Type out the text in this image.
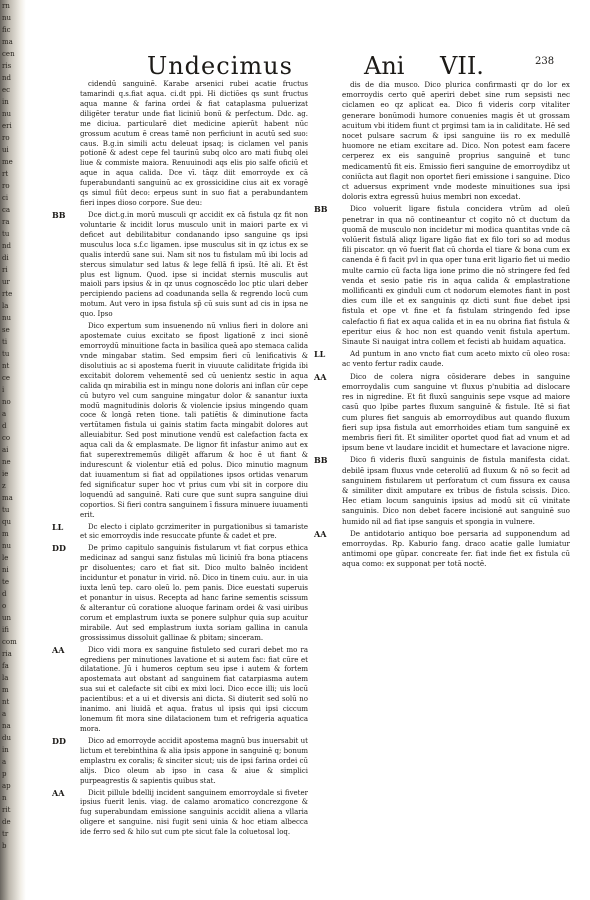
rn
nu
fic
ma
cen
ris
nd
ec
in
nu
eri
ro
ui
me
rt
ro
ci
ca
ra
tu
nd
di
ri
ur
rte
la
nu
se
ti
tu
nt
ce
i
no
a
d
co
ai
ne
ie
z
ma
tu
qu
m
nu
le
ni
te
d
o
un
ifi
com
ria
fa
la
m
nt
a
na
du
in
a
p
ap
n
rit
de
tr
b
Undecimus	Ani VII.	238

cidendū sanguinē. Karabe arsenici rubei acatie fructus tamarindi q.s.fiat aqua. ci.dt ppi. Hi dictiōes qs sunt fructus aqua manne & farina ordei & fiat cataplasma puluerizat diligēter teratur unde fiat liciniū bonū & perfectum. Ddc. ag. me diciua. particularē diet medicine apierūt habent nūc grossum acutum ē creas tamē non perficiunt in acutū sed suo: caus. B.g.in simili actu deleuat ipsaq; is ciclamen vel panis potionē & adest cepe fel taurinū subq olco aro mati fiubq olei liue & commiste maiora. Renuuinodi aqs elis pio salfe oficiū et aque in aqua calida. Dce vī. tāqz diit emorroyde ex cā fuperabundanti sanguinū ac ex grossicidine cius ait ex voragē qs simul fiūt deco: erpeus sunt in suo fiat a perabundantem fieri inpes dioso corpore. Sue deu:

BB	Dce dict.g.in morū musculi qr accidit ex cā fistula qz fit non voluntarie & incidit lorus musculo unit in maiori parte ex vi deficet aut debilitabitur condanando ipso sanguine qs ipsi musculus loca s.f.c ligamen. ipse musculus sit in qz ictus ex se qualis interdū sane sui. Nam sit nos tu fistulam mū ibi locis ad stercus simulatur sed latus & lege fellā fi ipsū. Itē ali. Et ēst plus est lignum. Quod. ipse si incidat sternis musculis aut maioli pars ipsius & in qz unus cognoscēdo loc ptic ulari deber percipiendo paciens ad coadunanda sella & regrendo locū cum motum. Aut vero in ipsa fistula sp̄ cū suis sunt ad cis in ipsa ne quo. Ipso

Dico expertum sum insuenendo nū vnlius fieri in dolore ani apostemate cuius excitato se fipost ligationē z inci sionē emorroydū minuitione facta in basilica queā apo stemaca calida vnde mingabar statim. Sed empsim fieri cū lenificativis & disolutiuis ac si apostema fuerit in viuuute caliditate frigida ibi excitabit dolorem vehementē sed cū uenientz sestic in aqua calida qn mirabilia est in mingu none doloris ani inflan cūr cepe cū butyro vel cum sanguine mingatur dolor & sanantur iuxta modū magnitudinis doloris & violencie ipsius mingendo quam coce & longā reten tione. tali patiētis & diminutione facta vertūtamen fistula ui gainis statim facta mingabit dolores aut alleuiabitur. Sed post minutione vendū est calefaction facta ex aqua cali da & emplasmate. De lignor fit infastur animo aut ex fiat superextrememūs diligēt affarum & hoc ē ut fiant & indurescunt & violentur etiā ed polus. Dico minutio magnum dat iuuamentum si fiat ad oppilationes ipsos ortidas venarum fed significatur super hoc vt prius cum vbi sit in corpore diu loquendū ad sanguinē. Rati cure que sunt supra sanguine diui coportios. Si fieri contra sanguinem ī fissura minuere iuuamenti erit.

LL	Dc electo i ciplato gcrzimeriter in purgationibus si tamariste et sic emorroydis inde resuccate pfunte & cadet et pre.

DD	De primo capitulo sanguinis fistularum vt fiat corpus ethica medicinaz ad sangui sanz fistulas mū liciniū fra bona ptiacens pr disoluentes; caro et fiat sit. Dico multo balnēo incident inciduntur et ponatur in virid. nō. Dico in tinem cuiu. aur. in uia iuxta lenū tep. caro oleū lo. pem panis. Dice euestati superuis et ponantur in uisus. Recepta ad hanc farine sementis scissum & alterantur cū coratione aluoque farinam ordei & vasi uiribus corum et emplastrum iuxta se ponere sulphur quia sup acuitur mirabile. Aut sed emplastrum iuxta soriam gallina in canula grossissimus dissoluit gallinae & pbitam; sinceram.

AA	Dico vidi mora ex sanguine fistuleto sed curari debet mo ra egrediens per minutiones lavatione et si autem fac: fiat cūre et dilatatione. Jū i humeros ceptum seu ipse i autem & fortem apostemata aut obstant ad sanguinem fiat catarpiasma autem sua sui et calefacte sit cibi ex mixi loci. Dico ecce illi; uis locū pacientibus: et a ui et diversis ani dicta. Si diuterit sed solū no inanimo. ani liuidā et aqua. fratus ul ipsis qui ipsi ciccum lonemum fit mora sine dilatacionem tum et refrigeria aquatica mora.

DD	Dico ad emorroyde accidit apostema magnū bus inuersabit ut lictum et terebinthina & alia ipsis appone in sanguinē q; bonum emplastru ex coralis; & sinciter sicut; uis de ipsi farina ordei cū alijs. Dico oleum ab ipso in casa & aiue & simplici purpeagrestis & sapientis quibus stat.

AA	Dicit pillule bdellij incident sanguinem emorroydale si fiveter ipsius fuerit lenis. viag. de calamo aromatico concrezgone & fug superabundam emissione sanguinis accidit aliena a vllaria oligere et sanguine. nisi fugit seni uinia & hoc etiam albecca ide ferro sed & hilo sut cum pte sicut fale la coluetosal loq.

dis de dia musco. Dico plurica confirmasti qr do lor ex emorroydis certo quē aperiri debet sine rum sepsisti nec ciclamen eo qz aplicat ea. Dico fi videris corp vitaliter generare bonūmodi humore conuenies magis ēt ut grossam acuitum vbi itidem fiunt ct prgimsi tam ia in caliditate. Hē sed nocet pulsare sacrum & ipsi sanguine iis ro ex medullē huomore ne etiam excitare ad. Dico. Non potest eam facere cerperez ex eis sanguinē proprius sanguinē et tunc medicamentū fit eis. Emissio fieri sanguine de emorroydibz ut coniūcta aut flagit non oportet fieri emissione i sanguine. Dico ct aduersus expriment vnde modeste minuitiones sua ipsi doloris extra egressū huius membri non excedat.

BB	Dico voluerit ligare fistula concidera vtrūm ad oleū penetrar in qua nō contineantur ct cogito nō ct ductum da quomā de musculo non incidetur mi modica quantitas vnde cā volūerit fistulā aliqz ligare ligāo fiat ex filo tori so ad modus fili piscator. qn vō fuerit flat cū chorda el tiare & bona cum ex canenda ē fi facit pvl in qua oper tuna erit ligario fiet ui medio multe carnio cū facta liga ione primo die nō stringere fed fed venda et sesio patie ris in aqua calida & emplastratione mollificanti ex ginduli cum ct nodorum elemotes fiant in post dies cum ille et ex sanguinis qz dicti sunt fiue debet ipsi fistula et ope vt fine et fa fistulam stringendo fed ipse calefactio fi fiat ex aqua calida et in ea nu obrina fiat fistula & eperitur eius & hoc non est quando venit fistula apertum. Sinaute Si nauigat intra collem et fecisti ab huidam aquatica.

LL	Ad puntum in ano vncto fiat cum aceto mixto cū oleo rosa: ac vento fertur radix caude.

AA	Dico de colera nigra cōsiderare debes in sanguine emorroydalis cum sanguine vt fluxus p'nubitia ad dislocare res in nigredine. Et fit fluxū sanguinis sepe vsque ad maiore casū quo lpibe partes fluxum sanguinē & fistule. Itē si fiat cum plures fiet sanguis ab emorroydibus aut quando fluxum fieri sup ipsa fistula aut emorrhoides etiam tum sanguinē ex membris fieri fit. Et similiter oportet quod fiat ad vnum et ad ipsum bene vt laudare incidit et humectare et lavacione nigre.

BB	Dico fi videris fluxū sanguinis de fistula manifesta cidat. debilē ipsam fluxus vnde ceteroliū ad fluxum & nō so fecit ad sanguinem fistularem ut perforatum ct cum fissura ex causa & similiter dixit amputare ex tribus de fistula scissis. Dico. Hec etiam locum sanguinis ipsius ad modū sit cū vinitate sanguinis. Dico non debet facere incisionē aut sanguinē suo humido nil ad fiat ipse sanguis et spongia in vulnere.

AA	De antidotario antiquo boe persaria ad supponendum ad emorroydas. Rp. Kaburio fang. draco acatie galle lumiatur antimomi ope gūpar. concreate fer. fiat inde fiet ex fistula cū aqua como: ex supponat per totā noctē.
